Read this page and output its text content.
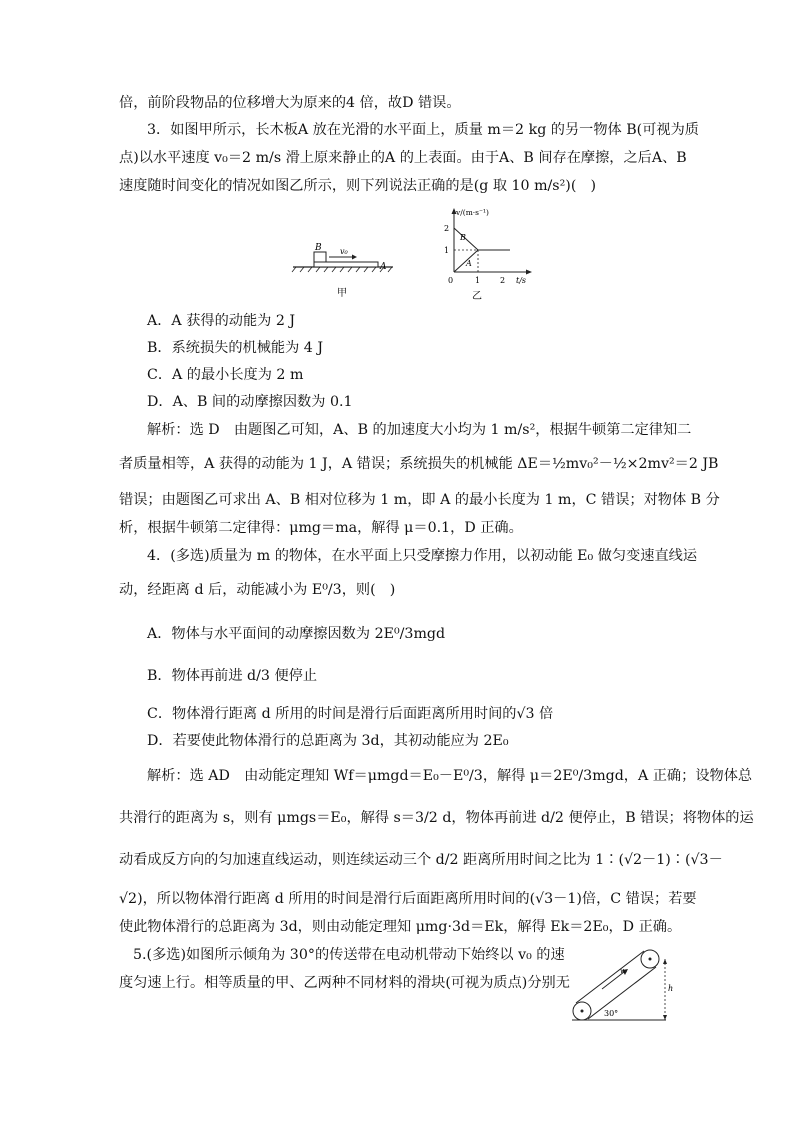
倍，前阶段物品的位移增大为原来的4 倍，故D 错误。
3．如图甲所示，长木板A 放在光滑的水平面上，质量 m＝2 kg 的另一物体 B(可视为质
点)以水平速度 v₀＝2 m/s 滑上原来静止的A 的上表面。由于A、B 间存在摩擦，之后A、B
速度随时间变化的情况如图乙所示，则下列说法正确的是(g 取 10 m/s²)(　)
B v₀
A
甲
v/(m·s⁻¹)
2
1
0	1 2 t/s
B
A
乙
A．A 获得的动能为 2 J
B．系统损失的机械能为 4 J
C．A 的最小长度为 2 m
D．A、B 间的动摩擦因数为 0.1
解析：选 D　由题图乙可知，A、B 的加速度大小均为 1 m/s²，根据牛顿第二定律知二
者质量相等，A 获得的动能为 1 J，A 错误；系统损失的机械能 ΔE＝½mv₀²－½×2mv²＝2 JB
错误；由题图乙可求出 A、B 相对位移为 1 m，即 A 的最小长度为 1 m，C 错误；对物体 B 分
析，根据牛顿第二定律得：μmg＝ma，解得 μ＝0.1，D 正确。
4．(多选)质量为 m 的物体，在水平面上只受摩擦力作用，以初动能 E₀ 做匀变速直线运
动，经距离 d 后，动能减小为 E⁰/3，则(　)
A．物体与水平面间的动摩擦因数为 2E⁰/3mgd
B．物体再前进 d/3 便停止
C．物体滑行距离 d 所用的时间是滑行后面距离所用时间的√3 倍
D．若要使此物体滑行的总距离为 3d，其初动能应为 2E₀
解析：选 AD　由动能定理知 Wf＝μmgd＝E₀－E⁰/3，解得 μ＝2E⁰/3mgd，A 正确；设物体总
共滑行的距离为 s，则有 μmgs＝E₀，解得 s＝3/2 d，物体再前进 d/2 便停止，B 错误；将物体的运
动看成反方向的匀加速直线运动，则连续运动三个 d/2 距离所用时间之比为 1∶(√2－1)∶(√3－
√2)，所以物体滑行距离 d 所用的时间是滑行后面距离所用时间的(√3－1)倍，C 错误；若要
使此物体滑行的总距离为 3d，则由动能定理知 μmg·3d＝Ek，解得 Ek＝2E₀，D 正确。
5.(多选)如图所示倾角为 30°的传送带在电动机带动下始终以 v₀ 的速
度匀速上行。相等质量的甲、乙两种不同材料的滑块(可视为质点)分别无
v₀
h
30°
